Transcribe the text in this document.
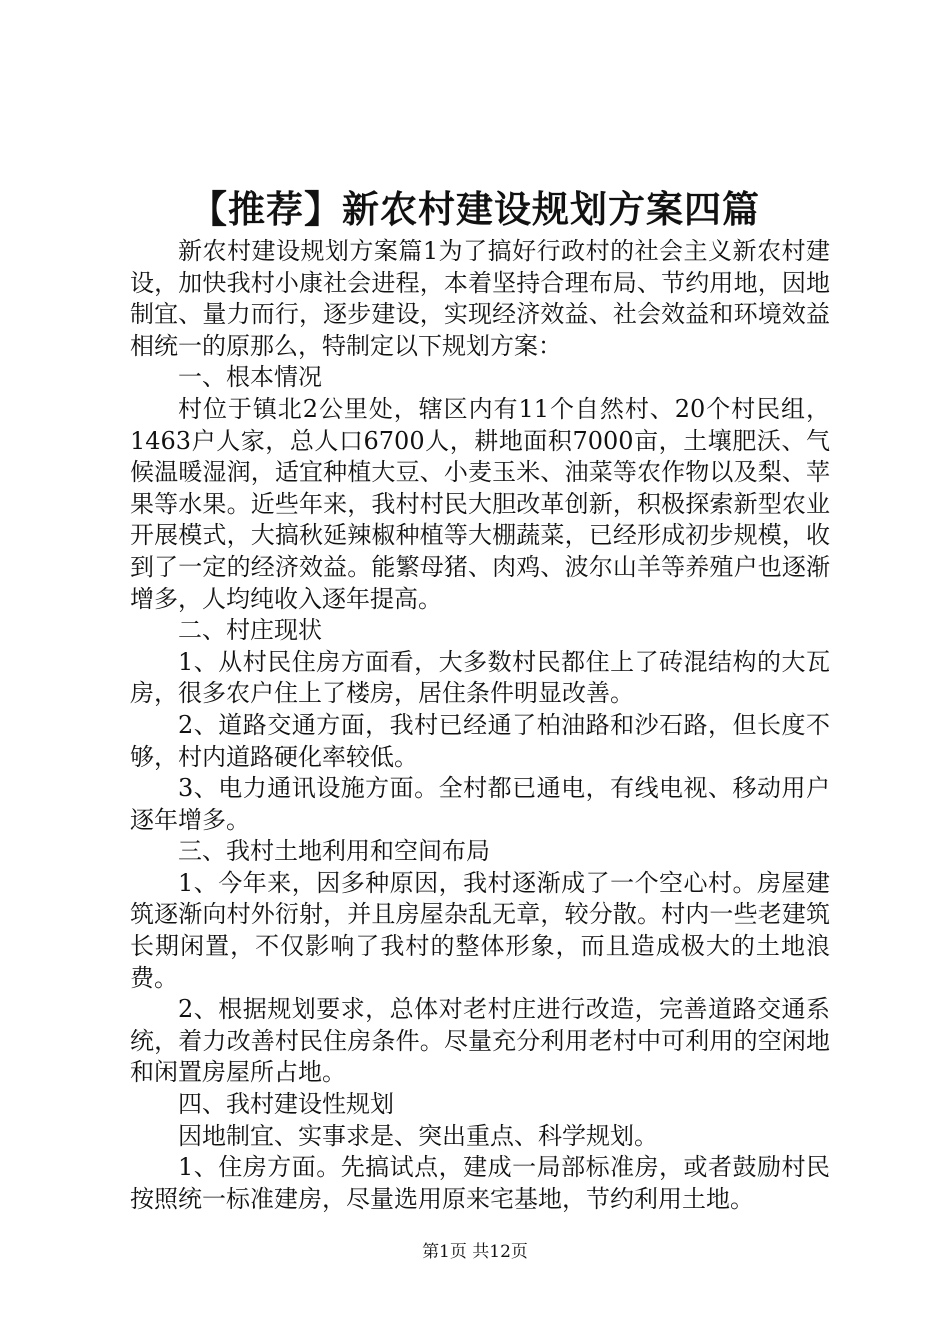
【推荐】新农村建设规划方案四篇

新农村建设规划方案篇1为了搞好行政村的社会主义新农村建设，加快我村小康社会进程，本着坚持合理布局、节约用地，因地制宜、量力而行，逐步建设，实现经济效益、社会效益和环境效益相统一的原那么，特制定以下规划方案：

一、根本情况

村位于镇北2公里处，辖区内有11个自然村、20个村民组，1463户人家，总人口6700人，耕地面积7000亩，土壤肥沃、气候温暖湿润，适宜种植大豆、小麦玉米、油菜等农作物以及梨、苹果等水果。近些年来，我村村民大胆改革创新，积极探索新型农业开展模式，大搞秋延辣椒种植等大棚蔬菜，已经形成初步规模，收到了一定的经济效益。能繁母猪、肉鸡、波尔山羊等养殖户也逐渐增多，人均纯收入逐年提高。

二、村庄现状

1、从村民住房方面看，大多数村民都住上了砖混结构的大瓦房，很多农户住上了楼房，居住条件明显改善。

2、道路交通方面，我村已经通了柏油路和沙石路，但长度不够，村内道路硬化率较低。

3、电力通讯设施方面。全村都已通电，有线电视、移动用户逐年增多。

三、我村土地利用和空间布局

1、今年来，因多种原因，我村逐渐成了一个空心村。房屋建筑逐渐向村外衍射，并且房屋杂乱无章，较分散。村内一些老建筑长期闲置，不仅影响了我村的整体形象，而且造成极大的土地浪费。

2、根据规划要求，总体对老村庄进行改造，完善道路交通系统，着力改善村民住房条件。尽量充分利用老村中可利用的空闲地和闲置房屋所占地。

四、我村建设性规划

因地制宜、实事求是、突出重点、科学规划。

1、住房方面。先搞试点，建成一局部标准房，或者鼓励村民按照统一标准建房，尽量选用原来宅基地，节约利用土地。

第1页 共12页
